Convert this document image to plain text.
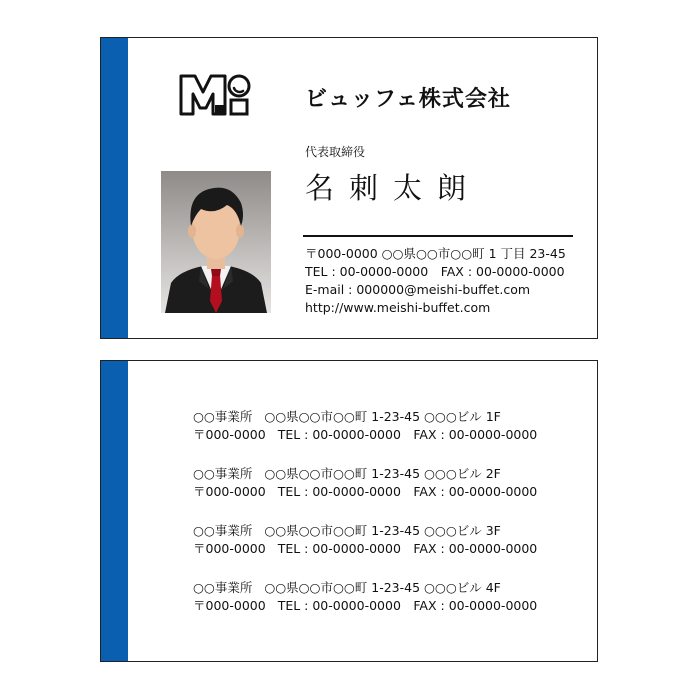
ビュッフェ株式会社
代表取締役
名刺太朗
〒000-0000 ○○県○○市○○町 1 丁目 23-45
TEL : 00-0000-0000　FAX : 00-0000-0000
E-mail : 000000@meishi-buffet.com
http://www.meishi-buffet.com
○○事業所 ○○県○○市○○町 1-23-45 ○○○ビル 1F
〒000-0000 TEL : 00-0000-0000　FAX : 00-0000-0000
○○事業所 ○○県○○市○○町 1-23-45 ○○○ビル 2F
〒000-0000 TEL : 00-0000-0000　FAX : 00-0000-0000
○○事業所 ○○県○○市○○町 1-23-45 ○○○ビル 3F
〒000-0000 TEL : 00-0000-0000　FAX : 00-0000-0000
○○事業所 ○○県○○市○○町 1-23-45 ○○○ビル 4F
〒000-0000 TEL : 00-0000-0000　FAX : 00-0000-0000
